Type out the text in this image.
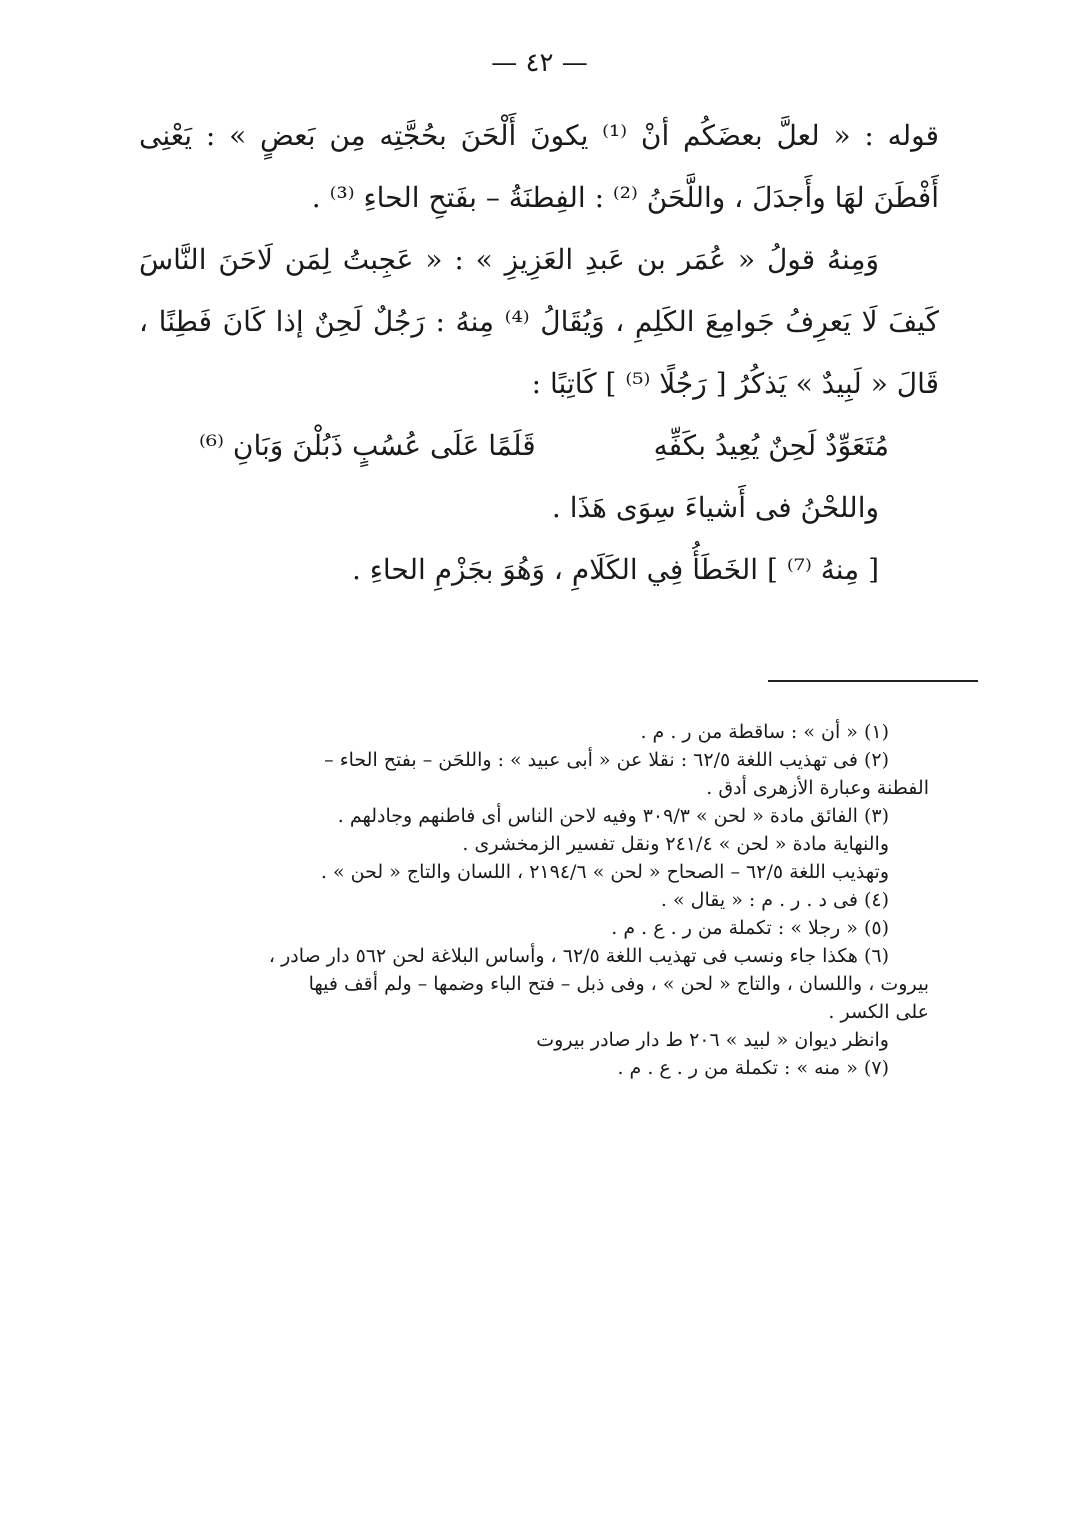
— ٤٢ —
قوله : « لعلَّ بعضَكُم أنْ ⁽¹⁾ يكونَ أَلْحَنَ بحُجَّتِه مِن بَعضٍ » : يَعْنِى
أَفْطَنَ لهَا وأَجدَلَ ، واللَّحَنُ ⁽²⁾ : الفِطنَةُ – بفَتحِ الحاءِ ⁽³⁾ .
وَمِنهُ قولُ « عُمَر بن عَبدِ العَزِيزِ » : « عَجِبتُ لِمَن لَاحَنَ النَّاسَ
كَيفَ لَا يَعرِفُ جَوامِعَ الكَلِمِ ، وَيُقَالُ ⁽⁴⁾ مِنهُ : رَجُلٌ لَحِنٌ إذا كَانَ فَطِنًا ،
قَالَ « لَبِيدٌ » يَذكُرُ [ رَجُلًا ⁽⁵⁾ ] كَاتِبًا :
مُتَعَوِّدٌ لَحِنٌ يُعِيدُ بكَفِّهِ
قَلَمًا عَلَى عُسُبٍ ذَبُلْنَ وَبَانِ ⁽⁶⁾
واللحْنُ فى أَشياءَ سِوَى هَذَا .
[ مِنهُ ⁽⁷⁾ ] الخَطَأُ فِي الكَلَامِ ، وَهُوَ بجَزْمِ الحاءِ .
(١) « أن » : ساقطة من ر . م .
(٢) فى تهذيب اللغة ٦٢/٥ : نقلا عن « أبى عبيد » : واللحَن – بفتح الحاء –
الفطنة وعبارة الأزهرى أدق .
(٣) الفائق مادة « لحن » ٣٠٩/٣ وفيه لاحن الناس أى فاطنهم وجادلهم .
والنهاية مادة « لحن » ٢٤١/٤ ونقل تفسير الزمخشرى .
وتهذيب اللغة ٦٢/٥ – الصحاح « لحن » ٢١٩٤/٦ ، اللسان والتاج « لحن » .
(٤) فى د . ر . م : « يقال » .
(٥) « رجلا » : تكملة من ر . ع . م .
(٦) هكذا جاء ونسب فى تهذيب اللغة ٦٢/٥ ، وأساس البلاغة لحن ٥٦٢ دار صادر ،
بيروت ، واللسان ، والتاج « لحن » ، وفى ذبل – فتح الباء وضمها – ولم أقف فيها
على الكسر .
وانظر ديوان « لبيد » ٢٠٦ ط دار صادر بيروت
(٧) « منه » : تكملة من ر . ع . م .
